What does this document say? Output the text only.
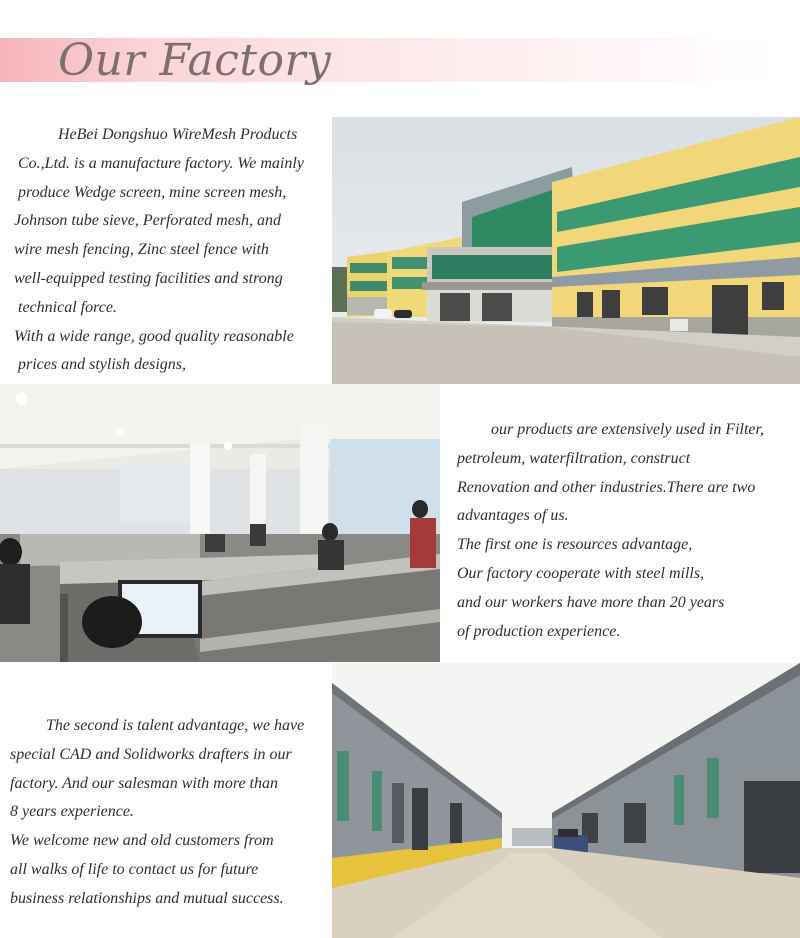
Our Factory

HeBei Dongshuo WireMesh Products

Co.,Ltd. is a manufacture factory. We mainly

produce Wedge screen, mine screen mesh,

Johnson tube sieve, Perforated mesh, and

wire mesh fencing, Zinc steel fence with

well-equipped testing facilities and strong

technical force.

With a wide range, good quality reasonable

prices and stylish designs,

our products are extensively used in Filter,

petroleum, waterfiltration, construct

Renovation and other industries.There are two

advantages of us.

The first one is resources advantage,

Our factory cooperate with steel mills,

and our workers have more than 20 years

of production experience.

The second is talent advantage, we have

special CAD and Solidworks drafters in our

factory. And our salesman with more than

8 years experience.

We welcome new and old customers from

all walks of life to contact us for future

business relationships and mutual success.
